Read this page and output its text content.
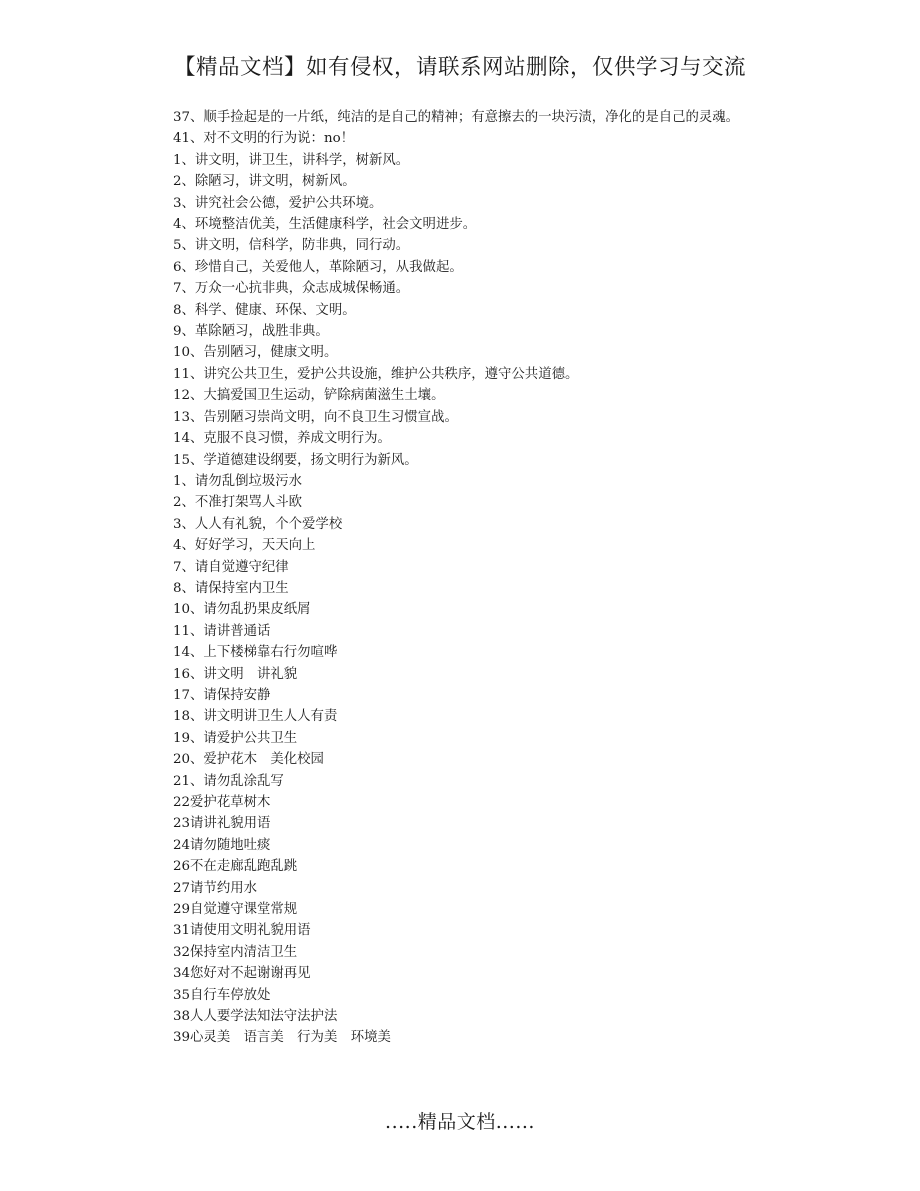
【精品文档】如有侵权，请联系网站删除，仅供学习与交流

37、顺手捡起是的一片纸，纯洁的是自己的精神；有意擦去的一块污渍，净化的是自己的灵魂。

41、对不文明的行为说：no！

1、讲文明，讲卫生，讲科学，树新风。

2、除陋习，讲文明，树新风。

3、讲究社会公德，爱护公共环境。

4、环境整洁优美，生活健康科学，社会文明进步。

5、讲文明，信科学，防非典，同行动。

6、珍惜自己，关爱他人，革除陋习，从我做起。

7、万众一心抗非典，众志成城保畅通。

8、科学、健康、环保、文明。

9、革除陋习，战胜非典。

10、告别陋习，健康文明。

11、讲究公共卫生，爱护公共设施，维护公共秩序，遵守公共道德。

12、大搞爱国卫生运动，铲除病菌滋生土壤。

13、告别陋习崇尚文明，向不良卫生习惯宣战。

14、克服不良习惯，养成文明行为。

15、学道德建设纲要，扬文明行为新风。

1、请勿乱倒垃圾污水

2、不准打架骂人斗欧

3、人人有礼貌，个个爱学校

4、好好学习，天天向上

7、请自觉遵守纪律

8、请保持室内卫生

10、请勿乱扔果皮纸屑

11、请讲普通话

14、上下楼梯靠右行勿喧哗

16、讲文明　讲礼貌

17、请保持安静

18、讲文明讲卫生人人有责

19、请爱护公共卫生

20、爱护花木　美化校园

21、请勿乱涂乱写

22爱护花草树木

23请讲礼貌用语

24请勿随地吐痰

26不在走廊乱跑乱跳

27请节约用水

29自觉遵守课堂常规

31请使用文明礼貌用语

32保持室内清洁卫生

34您好对不起谢谢再见

35自行车停放处

38人人要学法知法守法护法

39心灵美　语言美　行为美　环境美

.....精品文档......
